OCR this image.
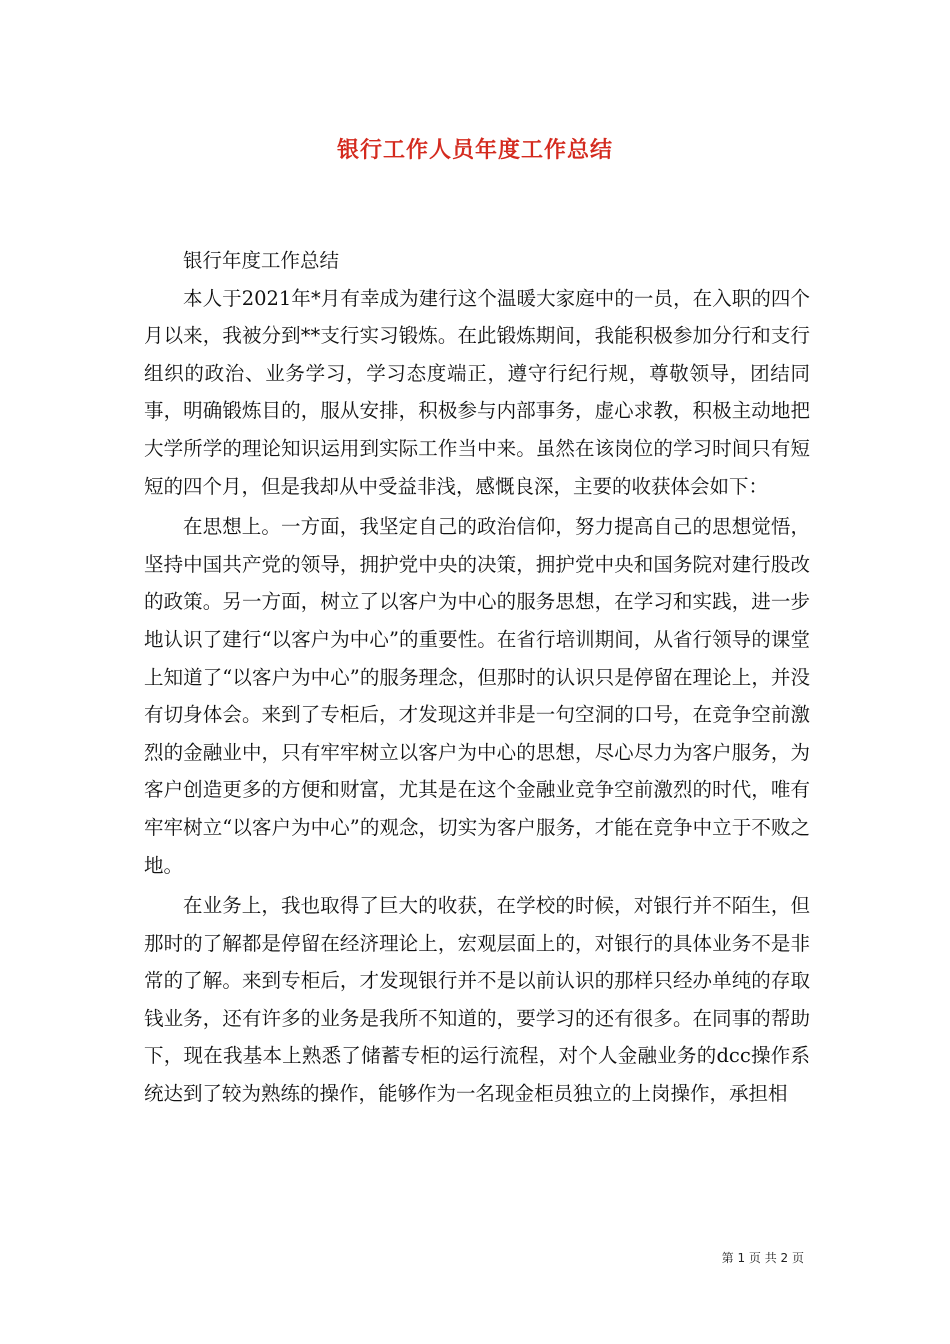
银行工作人员年度工作总结

银行年度工作总结

本人于2021年*月有幸成为建行这个温暖大家庭中的一员，在入职的四个月以来，我被分到**支行实习锻炼。在此锻炼期间，我能积极参加分行和支行组织的政治、业务学习，学习态度端正，遵守行纪行规，尊敬领导，团结同事，明确锻炼目的，服从安排，积极参与内部事务，虚心求教，积极主动地把大学所学的理论知识运用到实际工作当中来。虽然在该岗位的学习时间只有短短的四个月，但是我却从中受益非浅，感慨良深，主要的收获体会如下：

在思想上。一方面，我坚定自己的政治信仰，努力提高自己的思想觉悟，坚持中国共产党的领导，拥护党中央的决策，拥护党中央和国务院对建行股改的政策。另一方面，树立了以客户为中心的服务思想，在学习和实践，进一步地认识了建行“以客户为中心”的重要性。在省行培训期间，从省行领导的课堂上知道了“以客户为中心”的服务理念，但那时的认识只是停留在理论上，并没有切身体会。来到了专柜后，才发现这并非是一句空洞的口号，在竞争空前激烈的金融业中，只有牢牢树立以客户为中心的思想，尽心尽力为客户服务，为客户创造更多的方便和财富，尤其是在这个金融业竞争空前激烈的时代，唯有牢牢树立“以客户为中心”的观念，切实为客户服务，才能在竞争中立于不败之地。

在业务上，我也取得了巨大的收获，在学校的时候，对银行并不陌生，但那时的了解都是停留在经济理论上，宏观层面上的，对银行的具体业务不是非常的了解。来到专柜后，才发现银行并不是以前认识的那样只经办单纯的存取钱业务，还有许多的业务是我所不知道的，要学习的还有很多。在同事的帮助下，现在我基本上熟悉了储蓄专柜的运行流程，对个人金融业务的dcc操作系统达到了较为熟练的操作，能够作为一名现金柜员独立的上岗操作，承担相

第 1 页 共 2 页
